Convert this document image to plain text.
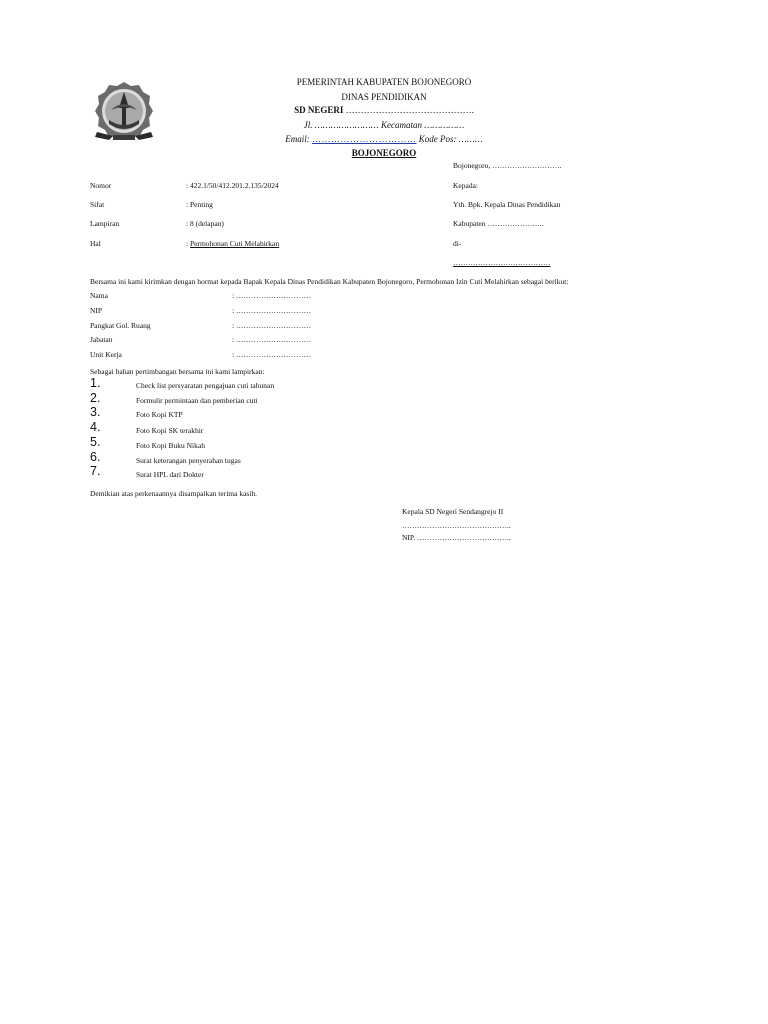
PEMERINTAH KABUPATEN BOJONEGORO
DINAS PENDIDIKAN
SD NEGERI …………………………………….
Jl. …………………… Kecamatan ……………
Email: …………………………… Kode Pos: ………
BOJONEGORO
Bojonegoro, ……………………….
Nomor	: 422.1/50/412.201.2.135/2024
Sifat	: Penting
Lampiran	: 8 (delapan)
Hal	: Permohonan Cuti Melahirkan
Kepada:
Yth. Bpk. Kepala Dinas Pendidikan
Kabupaten …………………..
di-
…………………………………
Bersama ini kami kirimkan dengan hormat kepada Bapak Kepala Dinas Pendidikan Kabupaten Bojonegoro, Permohonan Izin Cuti Melahirkan sebagai berikut:
Nama	: …………………………
NIP	: …………………………
Pangkat Gol. Ruang	: …………………………
Jabatan	: …………………………
Unit Kerja	: …………………………
Sebagai bahan pertimbangan bersama ini kami lampirkan:
1.	Check list persyaratan pengajuan cuti tahunan
2.	Formulir permintaan dan pemberian cuti
3.	Foto Kopi KTP
4.	Foto Kopi SK terakhir
5.	Foto Kopi Buku Nikah
6.	Surat keterangan penyerahan tugas
7.	Surat HPL dari Dokter
Demikian atas perkenaannya disampaikan terima kasih.
Kepala SD Negeri Sendangrejo II
……………………………………..
NIP. ………………………………..
